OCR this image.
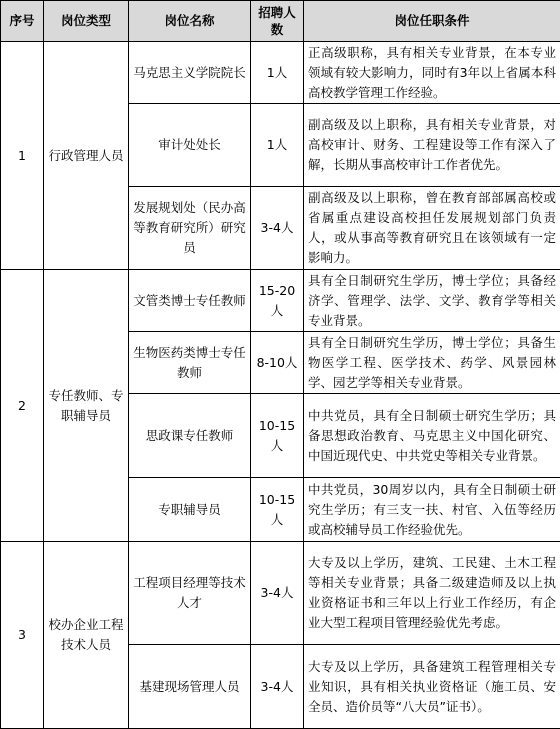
序号	岗位类型	岗位名称	招聘人数	岗位任职条件
1	行政管理人员	马克思主义学院院长	1人	正高级职称，具有相关专业背景，在本专业领域有较大影响力，同时有3年以上省属本科高校教学管理工作经验。
		审计处处长	1人	副高级及以上职称，具有相关专业背景，对高校审计、财务、工程建设等工作有深入了解，长期从事高校审计工作者优先。
		发展规划处（民办高等教育研究所）研究员	3-4人	副高级及以上职称，曾在教育部部属高校或省属重点建设高校担任发展规划部门负责人，或从事高等教育研究且在该领域有一定影响力。
2	专任教师、专职辅导员	文管类博士专任教师	15-20人	具有全日制研究生学历，博士学位；具备经济学、管理学、法学、文学、教育学等相关专业背景。
		生物医药类博士专任教师	8-10人	具有全日制研究生学历，博士学位；具备生物医学工程、医学技术、药学、风景园林学、园艺学等相关专业背景。
		思政课专任教师	10-15人	中共党员，具有全日制硕士研究生学历；具备思想政治教育、马克思主义中国化研究、中国近现代史、中共党史等相关专业背景。
		专职辅导员	10-15人	中共党员，30周岁以内，具有全日制硕士研究生学历；有三支一扶、村官、入伍等经历或高校辅导员工作经验优先。
3	校办企业工程技术人员	工程项目经理等技术人才	3-4人	大专及以上学历，建筑、工民建、土木工程等相关专业背景；具备二级建造师及以上执业资格证书和三年以上行业工作经历，有企业大型工程项目管理经验优先考虑。
		基建现场管理人员	3-4人	大专及以上学历，具备建筑工程管理相关专业知识，具有相关执业资格证（施工员、安全员、造价员等“八大员”证书）。
